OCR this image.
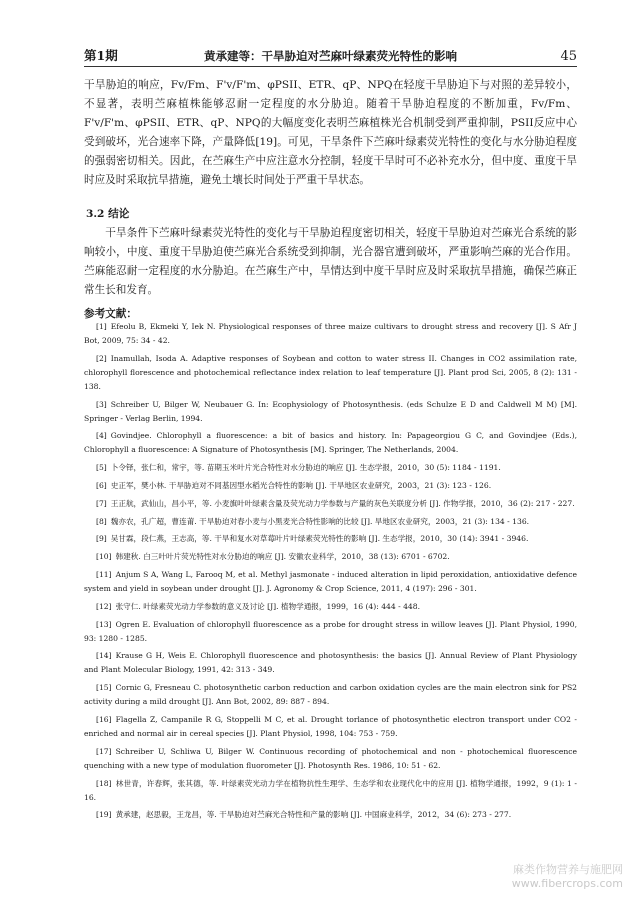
第1期	黄承建等：干旱胁迫对苎麻叶绿素荧光特性的影响	45
干旱胁迫的响应，Fv/Fm、F'v/F'm、φPSII、ETR、qP、NPQ在轻度干旱胁迫下与对照的差异较小，不显著，表明苎麻植株能够忍耐一定程度的水分胁迫。随着干旱胁迫程度的不断加重，Fv/Fm、F'v/F'm、φPSII、ETR、qP、NPQ的大幅度变化表明苎麻植株光合机制受到严重抑制，PSII反应中心受到破坏，光合速率下降，产量降低[19]。可见，干旱条件下苎麻叶绿素荧光特性的变化与水分胁迫程度的强弱密切相关。因此，在苎麻生产中应注意水分控制，轻度干旱时可不必补充水分，但中度、重度干旱时应及时采取抗旱措施，避免土壤长时间处于严重干旱状态。
3.2 结论
干旱条件下苎麻叶绿素荧光特性的变化与干旱胁迫程度密切相关，轻度干旱胁迫对苎麻光合系统的影响较小，中度、重度干旱胁迫使苎麻光合系统受到抑制，光合器官遭到破坏，严重影响苎麻的光合作用。苎麻能忍耐一定程度的水分胁迫。在苎麻生产中，旱情达到中度干旱时应及时采取抗旱措施，确保苎麻正常生长和发育。
参考文献：
[1] Efeolu B, Ekmeki Y, Iek N. Physiological responses of three maize cultivars to drought stress and recovery [J]. S Afr J Bot, 2009, 75: 34 - 42.
[2] Inamullah, Isoda A. Adaptive responses of Soybean and cotton to water stress II. Changes in CO2 assimilation rate, chlorophyll florescence and photochemical reflectance index relation to leaf temperature [J]. Plant prod Sci, 2005, 8 (2): 131 - 138.
[3] Schreiber U, Bilger W, Neubauer G. In: Ecophysiology of Photosynthesis. (eds Schulze E D and Caldwell M M) [M]. Springer - Verlag Berlin, 1994.
[4] Govindjee. Chlorophyll a fluorescence: a bit of basics and history. In: Papageorgiou G C, and Govindjee (Eds.), Chlorophyll a fluorescence: A Signature of Photosynthesis [M]. Springer, The Netherlands, 2004.
[5] 卜令铎，张仁和，常宇，等. 苗期玉米叶片光合特性对水分胁迫的响应 [J]. 生态学报，2010，30 (5): 1184 - 1191.
[6] 史正军，樊小林. 干旱胁迫对不同基因型水稻光合特性的影响 [J]. 干旱地区农业研究，2003，21 (3): 123 - 126.
[7] 王正航，武仙山，昌小平，等. 小麦旗叶叶绿素含量及荧光动力学参数与产量的灰色关联度分析 [J]. 作物学报，2010，36 (2): 217 - 227.
[8] 魏亦农，孔广超，曹连莆. 干旱胁迫对春小麦与小黑麦光合特性影响的比较 [J]. 旱地区农业研究，2003，21 (3): 134 - 136.
[9] 吴甘霖，段仁燕，王志高，等. 干旱和复水对草莓叶片叶绿素荧光特性的影响 [J]. 生态学报，2010，30 (14): 3941 - 3946.
[10] 韩建秋. 白三叶叶片荧光特性对水分胁迫的响应 [J]. 安徽农业科学，2010，38 (13): 6701 - 6702.
[11] Anjum S A, Wang L, Farooq M, et al. Methyl jasmonate - induced alteration in lipid peroxidation, antioxidative defence system and yield in soybean under drought [J]. J. Agronomy & Crop Science, 2011, 4 (197): 296 - 301.
[12] 张守仁. 叶绿素荧光动力学参数的意义及讨论 [J]. 植物学通报，1999，16 (4): 444 - 448.
[13] Ogren E. Evaluation of chlorophyll fluorescence as a probe for drought stress in willow leaves [J]. Plant Physiol, 1990, 93: 1280 - 1285.
[14] Krause G H, Weis E. Chlorophyll fluorescence and photosynthesis: the basics [J]. Annual Review of Plant Physiology and Plant Molecular Biology, 1991, 42: 313 - 349.
[15] Cornic G, Fresneau C. photosynthetic carbon reduction and carbon oxidation cycles are the main electron sink for PS2 activity during a mild drought [J]. Ann Bot, 2002, 89: 887 - 894.
[16] Flagella Z, Campanile R G, Stoppelli M C, et al. Drought torlance of photosynthetic electron transport under CO2 - enriched and normal air in cereal species [J]. Plant Physiol, 1998, 104: 753 - 759.
[17] Schreiber U, Schliwa U, Bilger W. Continuous recording of photochemical and non - photochemical fluorescence quenching with a new type of modulation fluorometer [J]. Photosynth Res. 1986, 10: 51 - 62.
[18] 林世青，许春辉，张其德，等. 叶绿素荧光动力学在植物抗性生理学、生态学和农业现代化中的应用 [J]. 植物学通报，1992，9 (1): 1 - 16.
[19] 黄承建，赵思毅，王龙昌，等. 干旱胁迫对苎麻光合特性和产量的影响 [J]. 中国麻业科学，2012，34 (6): 273 - 277.
麻类作物营养与施肥网
www.fibercrops.com
